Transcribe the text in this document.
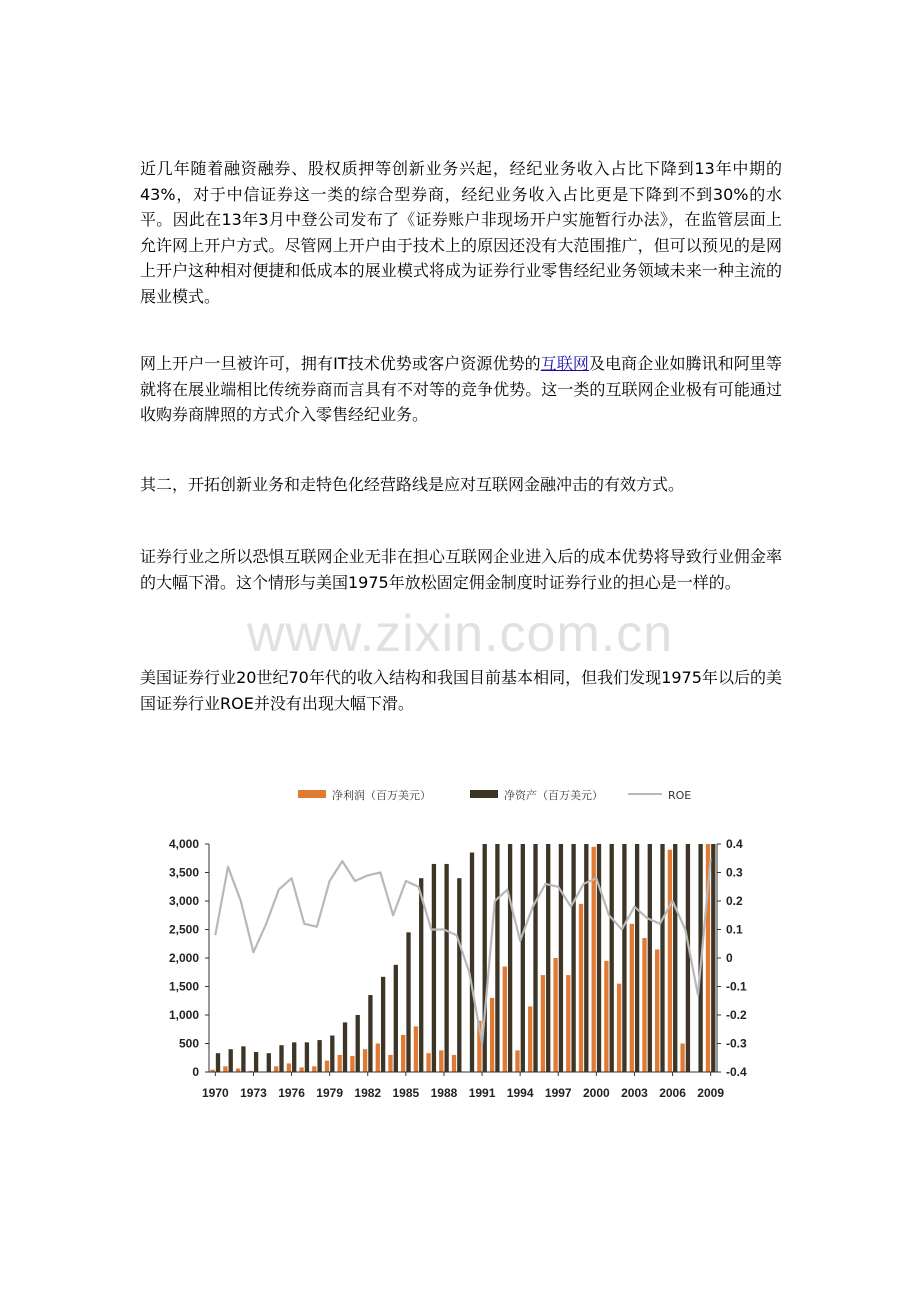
近几年随着融资融券、股权质押等创新业务兴起，经纪业务收入占比下降到13年中期的43%，对于中信证券这一类的综合型券商，经纪业务收入占比更是下降到不到30%的水平。因此在13年3月中登公司发布了《证券账户非现场开户实施暂行办法》，在监管层面上允许网上开户方式。尽管网上开户由于技术上的原因还没有大范围推广，但可以预见的是网上开户这种相对便捷和低成本的展业模式将成为证券行业零售经纪业务领域未来一种主流的展业模式。

网上开户一旦被许可，拥有IT技术优势或客户资源优势的互联网及电商企业如腾讯和阿里等就将在展业端相比传统券商而言具有不对等的竞争优势。这一类的互联网企业极有可能通过收购券商牌照的方式介入零售经纪业务。

其二，开拓创新业务和走特色化经营路线是应对互联网金融冲击的有效方式。

证券行业之所以恐惧互联网企业无非在担心互联网企业进入后的成本优势将导致行业佣金率的大幅下滑。这个情形与美国1975年放松固定佣金制度时证券行业的担心是一样的。

www.zixin.com.cn

美国证券行业20世纪70年代的收入结构和我国目前基本相同，但我们发现1975年以后的美国证券行业ROE并没有出现大幅下滑。

净利润（百万美元）	净资产（百万美元）	ROE
0
500
1,000
1,500
2,000
2,500
3,000
3,500
4,000
-0.4
-0.3
-0.2
-0.1
0
0.1
0.2
0.3
0.4
1970 1973 1976 1979 1982 1985 1988 1991 1994 1997 2000 2003 2006 2009
